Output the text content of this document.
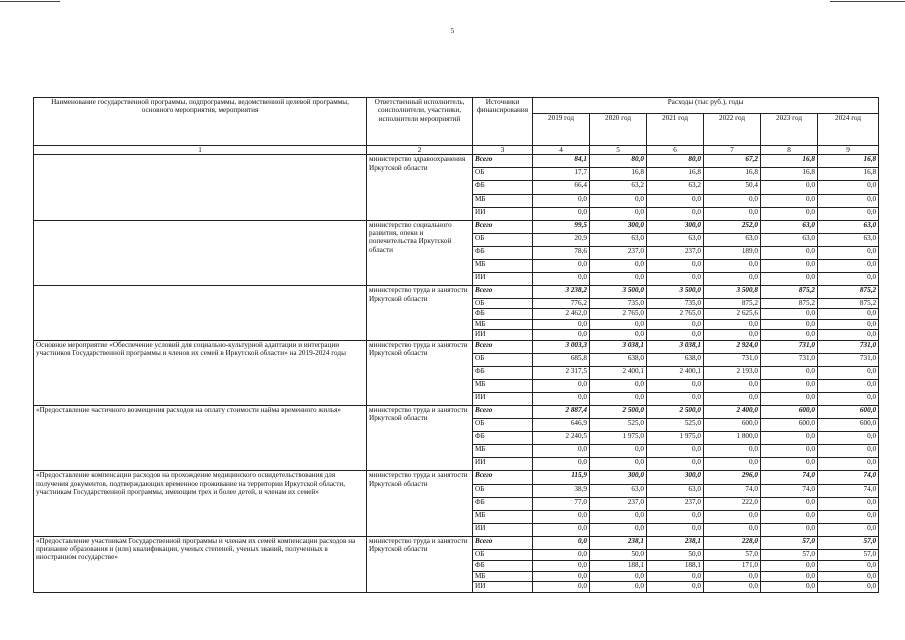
5
Наименование государственной программы, подпрограммы, ведомственной целевой программы, основного мероприятия, мероприятия	Ответственный исполнитель, соисполнители, участники, исполнители мероприятий	Источники финансирования	Расходы (тыс руб.), годы					
			2019 год	2020 год	2021 год	2022 год	2023 год	2024 год
1	2	3	4	5	6	7	8	9
	министерство здравоохранения Иркутской области	Всего	84,1	80,0	80,0	67,2	16,8	16,8
		ОБ	17,7	16,8	16,8	16,8	16,8	16,8
		ФБ	66,4	63,2	63,2	50,4	0,0	0,0
		МБ	0,0	0,0	0,0	0,0	0,0	0,0
		ИИ	0,0	0,0	0,0	0,0	0,0	0,0
	министерство социального развития, опеки и попечительства Иркутской области	Всего	99,5	300,0	300,0	252,0	63,0	63,0
		ОБ	20,9	63,0	63,0	63,0	63,0	63,0
		ФБ	78,6	237,0	237,0	189,0	0,0	0,0
		МБ	0,0	0,0	0,0	0,0	0,0	0,0
		ИИ	0,0	0,0	0,0	0,0	0,0	0,0
	министерство труда и занятости Иркутской области	Всего	3 238,2	3 500,0	3 500,0	3 500,8	875,2	875,2
		ОБ	776,2	735,0	735,0	875,2	875,2	875,2
		ФБ	2 462,0	2 765,0	2 765,0	2 625,6	0,0	0,0
		МБ	0,0	0,0	0,0	0,0	0,0	0,0
		ИИ	0,0	0,0	0,0	0,0	0,0	0,0
Основное мероприятие «Обеспечение условий для социально-культурной адаптации и интеграции участников Государственной программы и членов их семей в Иркутской области» на 2019-2024 годы	министерство труда и занятости Иркутской области	Всего	3 003,3	3 038,1	3 038,1	2 924,0	731,0	731,0
		ОБ	685,8	638,0	638,0	731,0	731,0	731,0
		ФБ	2 317,5	2 400,1	2 400,1	2 193,0	0,0	0,0
		МБ	0,0	0,0	0,0	0,0	0,0	0,0
		ИИ	0,0	0,0	0,0	0,0	0,0	0,0
«Предоставление частичного возмещения расходов на оплату стоимости найма временного жилья»	министерство труда и занятости Иркутской области	Всего	2 887,4	2 500,0	2 500,0	2 400,0	600,0	600,0
		ОБ	646,9	525,0	525,0	600,0	600,0	600,0
		ФБ	2 240,5	1 975,0	1 975,0	1 800,0	0,0	0,0
		МБ	0,0	0,0	0,0	0,0	0,0	0,0
		ИИ	0,0	0,0	0,0	0,0	0,0	0,0
«Предоставление компенсации расходов на прохождение медицинского освидетельствования для получения документов, подтверждающих временное проживание на территории Иркутской области, участникам Государственной программы, имеющим трех и более детей, и членам их семей»	министерство труда и занятости Иркутской области	Всего	115,9	300,0	300,0	296,0	74,0	74,0
		ОБ	38,9	63,0	63,0	74,0	74,0	74,0
		ФБ	77,0	237,0	237,0	222,0	0,0	0,0
		МБ	0,0	0,0	0,0	0,0	0,0	0,0
		ИИ	0,0	0,0	0,0	0,0	0,0	0,0
«Предоставление участникам Государственной программы и членам их семей компенсации расходов на признание образования и (или) квалификации, ученых степеней, ученых званий, полученных в иностранном государстве»	министерство труда и занятости Иркутской области	Всего	0,0	238,1	238,1	228,0	57,0	57,0
		ОБ	0,0	50,0	50,0	57,0	57,0	57,0
		ФБ	0,0	188,1	188,1	171,0	0,0	0,0
		МБ	0,0	0,0	0,0	0,0	0,0	0,0
		ИИ	0,0	0,0	0,0	0,0	0,0	0,0
